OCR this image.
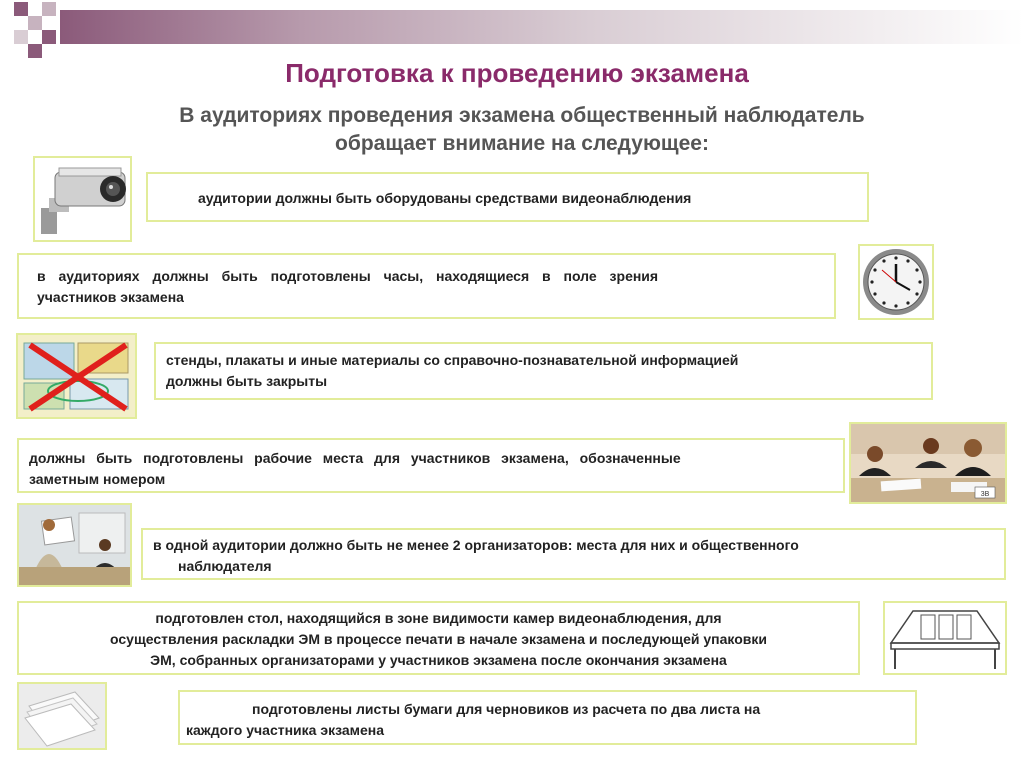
Подготовка к проведению экзамена
В аудиториях проведения экзамена общественный наблюдатель
обращает внимание на следующее:
аудитории должны быть оборудованы средствами видеонаблюдения
в аудиториях должны быть подготовлены часы, находящиеся в поле зрения
участников экзамена
стенды, плакаты и иные материалы со справочно-познавательной информацией
должны быть закрыты
должны быть подготовлены рабочие места для участников экзамена, обозначенные
заметным номером
3В
в одной аудитории должно быть не менее 2 организаторов: места для них и общественного
наблюдателя
подготовлен стол, находящийся в зоне видимости камер видеонаблюдения, для
осуществления раскладки ЭМ в процессе печати в начале экзамена и последующей упаковки
ЭМ, собранных организаторами у участников экзамена после окончания экзамена
подготовлены листы бумаги для черновиков из расчета по два листа на
каждого участника экзамена
